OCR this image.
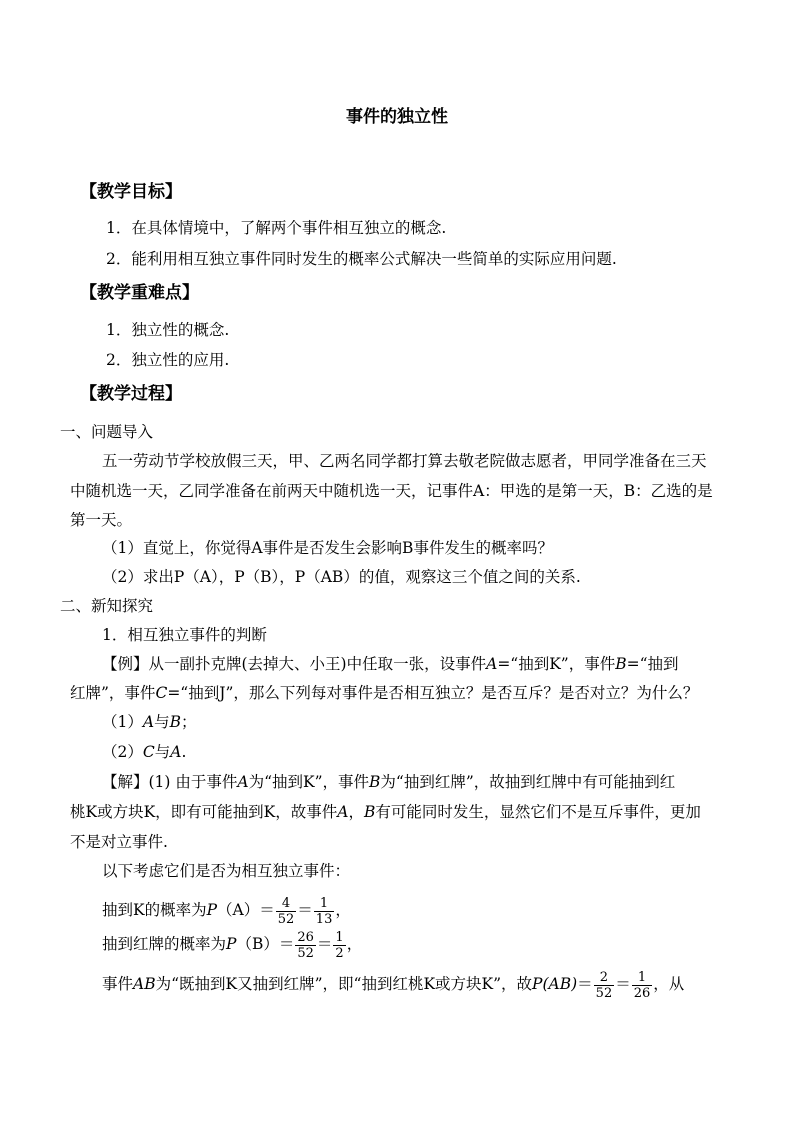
事件的独立性
【教学目标】
1．在具体情境中，了解两个事件相互独立的概念.
2．能利用相互独立事件同时发生的概率公式解决一些简单的实际应用问题.
【教学重难点】
1．独立性的概念.
2．独立性的应用.
【教学过程】
一、问题导入
五一劳动节学校放假三天，甲、乙两名同学都打算去敬老院做志愿者，甲同学准备在三天
中随机选一天，乙同学准备在前两天中随机选一天，记事件A：甲选的是第一天，B：乙选的是
第一天。
（1）直觉上，你觉得A事件是否发生会影响B事件发生的概率吗？
（2）求出P（A），P（B），P（AB）的值，观察这三个值之间的关系.
二、新知探究
1．相互独立事件的判断
【例】从一副扑克牌(去掉大、小王)中任取一张，设事件A=“抽到K”，事件B=“抽到
红牌”，事件C=“抽到J”，那么下列每对事件是否相互独立？是否互斥？是否对立？为什么？
（1）A与B；
（2）C与A.
【解】(1) 由于事件A为“抽到K”，事件B为“抽到红牌”，故抽到红牌中有可能抽到红
桃K或方块K，即有可能抽到K，故事件A，B有可能同时发生，显然它们不是互斥事件，更加
不是对立事件.
以下考虑它们是否为相互独立事件：
抽到K的概率为$P(A)= \frac{4}{52} = \frac{1}{13}$ ，
抽到红牌的概率为$P(B)= \frac{26}{52} = \frac{1}{2}$ ，
事件AB为“既抽到K又抽到红牌”，即“抽到红桃K或方块K”，故$P(AB)= \frac{2}{52} = \frac{1}{26}$ ，从
